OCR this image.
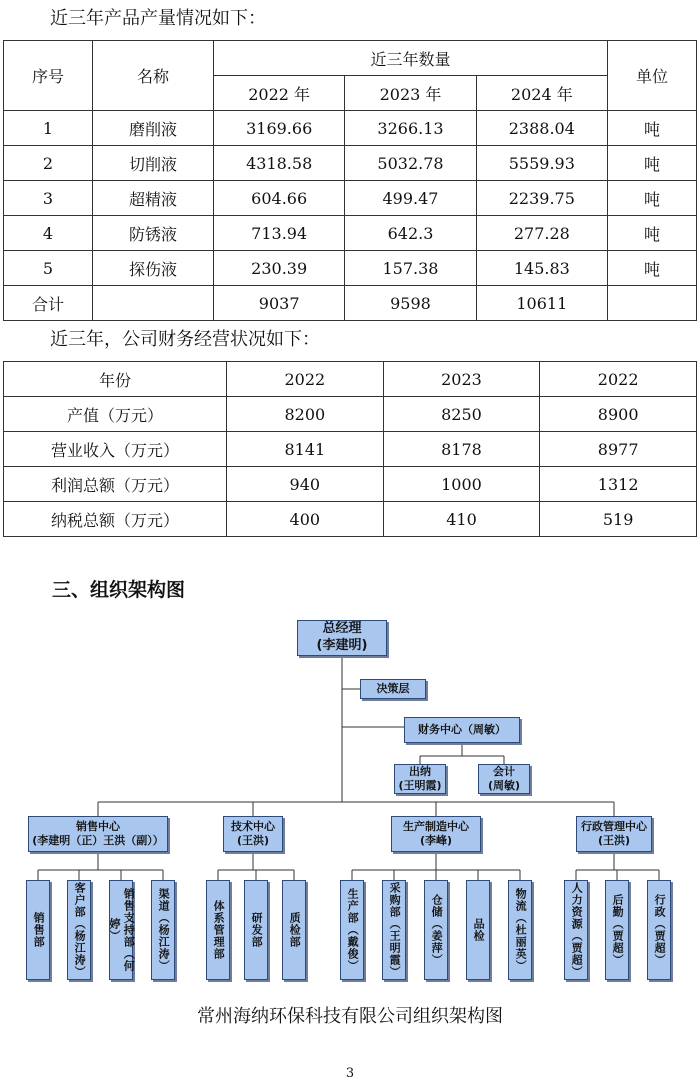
近三年产品产量情况如下：
序号	名称	近三年数量			单位
		2022 年	2023 年	2024 年	
1	磨削液	3169.66	3266.13	2388.04	吨
2	切削液	4318.58	5032.78	5559.93	吨
3	超精液	604.66	499.47	2239.75	吨
4	防锈液	713.94	642.3	277.28	吨
5	探伤液	230.39	157.38	145.83	吨
合计		9037	9598	10611	
近三年，公司财务经营状况如下：
年份	2022	2023	2022
产值（万元）	8200	8250	8900
营业收入（万元）	8141	8178	8977
利润总额（万元）	940	1000	1312
纳税总额（万元）	400	410	519
三、组织架构图
总经理
(李建明)
决策层
财务中心（周敏）
出纳
(王明霞)
会计
(周敏)
销售中心
(李建明（正）王洪（副））
技术中心
(王洪)
生产制造中心
(李峰)
行政管理中心
(王洪)
销售部	客户部（杨江涛）	销售支持部（何婷）	渠道（杨江涛）	体系管理部 研发部 质检部	生产部（戴俊）	采购部（王明霞）	仓储（姜萍）	品检	物流（杜丽英）	人力资源（贾超）	后勤（贾超）	行政（贾超）
常州海纳环保科技有限公司组织架构图
3
